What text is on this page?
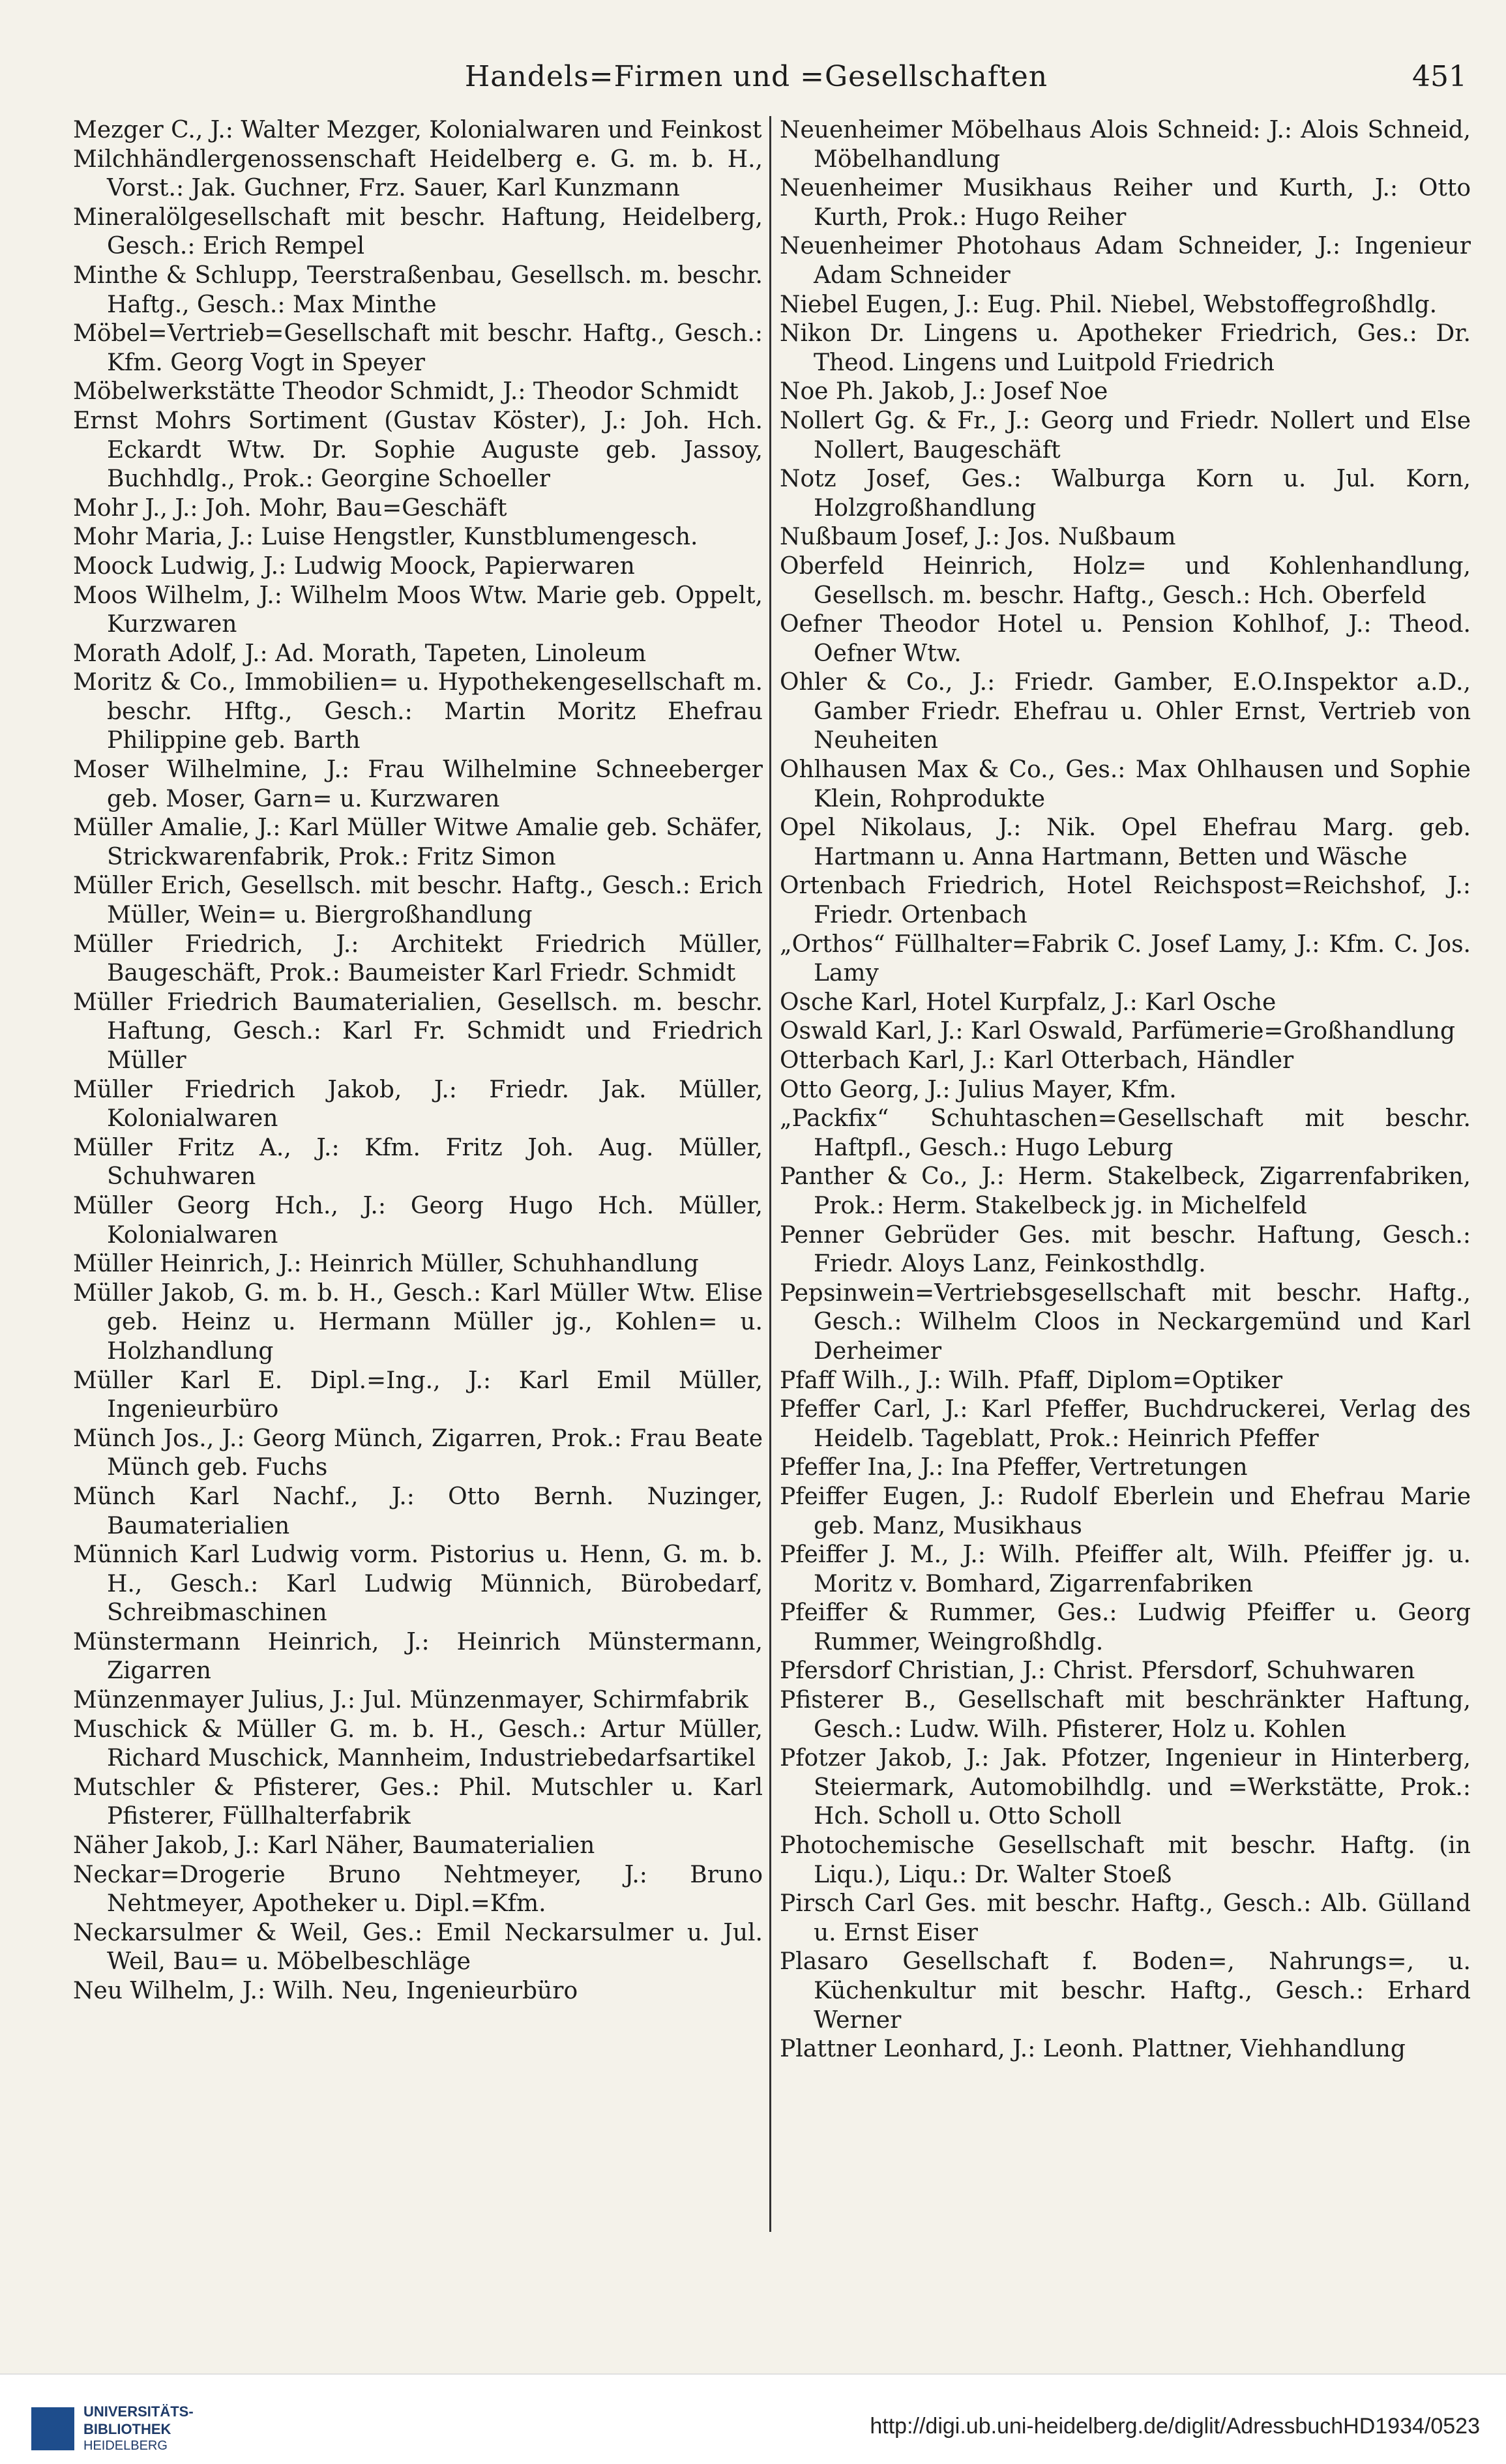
Handels=Firmen und =Gesellschaften	451
Mezger C., J.: Walter Mezger, Kolonialwaren und Feinkost
Milchhändlergenossenschaft Heidelberg e. G. m. b. H., Vorst.: Jak. Guchner, Frz. Sauer, Karl Kunzmann
Mineralölgesellschaft mit beschr. Haftung, Heidelberg, Gesch.: Erich Rempel
Minthe & Schlupp, Teerstraßenbau, Gesellsch. m. beschr. Haftg., Gesch.: Max Minthe
Möbel=Vertrieb=Gesellschaft mit beschr. Haftg., Gesch.: Kfm. Georg Vogt in Speyer
Möbelwerkstätte Theodor Schmidt, J.: Theodor Schmidt
Ernst Mohrs Sortiment (Gustav Köster), J.: Joh. Hch. Eckardt Wtw. Dr. Sophie Auguste geb. Jassoy, Buchhdlg., Prok.: Georgine Schoeller
Mohr J., J.: Joh. Mohr, Bau=Geschäft
Mohr Maria, J.: Luise Hengstler, Kunstblumengesch.
Moock Ludwig, J.: Ludwig Moock, Papierwaren
Moos Wilhelm, J.: Wilhelm Moos Wtw. Marie geb. Oppelt, Kurzwaren
Morath Adolf, J.: Ad. Morath, Tapeten, Linoleum
Moritz & Co., Immobilien= u. Hypothekengesellschaft m. beschr. Hftg., Gesch.: Martin Moritz Ehefrau Philippine geb. Barth
Moser Wilhelmine, J.: Frau Wilhelmine Schneeberger geb. Moser, Garn= u. Kurzwaren
Müller Amalie, J.: Karl Müller Witwe Amalie geb. Schäfer, Strickwarenfabrik, Prok.: Fritz Simon
Müller Erich, Gesellsch. mit beschr. Haftg., Gesch.: Erich Müller, Wein= u. Biergroßhandlung
Müller Friedrich, J.: Architekt Friedrich Müller, Baugeschäft, Prok.: Baumeister Karl Friedr. Schmidt
Müller Friedrich Baumaterialien, Gesellsch. m. beschr. Haftung, Gesch.: Karl Fr. Schmidt und Friedrich Müller
Müller Friedrich Jakob, J.: Friedr. Jak. Müller, Kolonialwaren
Müller Fritz A., J.: Kfm. Fritz Joh. Aug. Müller, Schuhwaren
Müller Georg Hch., J.: Georg Hugo Hch. Müller, Kolonialwaren
Müller Heinrich, J.: Heinrich Müller, Schuhhandlung
Müller Jakob, G. m. b. H., Gesch.: Karl Müller Wtw. Elise geb. Heinz u. Hermann Müller jg., Kohlen= u. Holzhandlung
Müller Karl E. Dipl.=Ing., J.: Karl Emil Müller, Ingenieurbüro
Münch Jos., J.: Georg Münch, Zigarren, Prok.: Frau Beate Münch geb. Fuchs
Münch Karl Nachf., J.: Otto Bernh. Nuzinger, Baumaterialien
Münnich Karl Ludwig vorm. Pistorius u. Henn, G. m. b. H., Gesch.: Karl Ludwig Münnich, Bürobedarf, Schreibmaschinen
Münstermann Heinrich, J.: Heinrich Münstermann, Zigarren
Münzenmayer Julius, J.: Jul. Münzenmayer, Schirmfabrik
Muschick & Müller G. m. b. H., Gesch.: Artur Müller, Richard Muschick, Mannheim, Industriebedarfsartikel
Mutschler & Pfisterer, Ges.: Phil. Mutschler u. Karl Pfisterer, Füllhalterfabrik
Näher Jakob, J.: Karl Näher, Baumaterialien
Neckar=Drogerie Bruno Nehtmeyer, J.: Bruno Nehtmeyer, Apotheker u. Dipl.=Kfm.
Neckarsulmer & Weil, Ges.: Emil Neckarsulmer u. Jul. Weil, Bau= u. Möbelbeschläge
Neu Wilhelm, J.: Wilh. Neu, Ingenieurbüro
Neuenheimer Möbelhaus Alois Schneid: J.: Alois Schneid, Möbelhandlung
Neuenheimer Musikhaus Reiher und Kurth, J.: Otto Kurth, Prok.: Hugo Reiher
Neuenheimer Photohaus Adam Schneider, J.: Ingenieur Adam Schneider
Niebel Eugen, J.: Eug. Phil. Niebel, Webstoffegroßhdlg.
Nikon Dr. Lingens u. Apotheker Friedrich, Ges.: Dr. Theod. Lingens und Luitpold Friedrich
Noe Ph. Jakob, J.: Josef Noe
Nollert Gg. & Fr., J.: Georg und Friedr. Nollert und Else Nollert, Baugeschäft
Notz Josef, Ges.: Walburga Korn u. Jul. Korn, Holzgroßhandlung
Nußbaum Josef, J.: Jos. Nußbaum
Oberfeld Heinrich, Holz= und Kohlenhandlung, Gesellsch. m. beschr. Haftg., Gesch.: Hch. Oberfeld
Oefner Theodor Hotel u. Pension Kohlhof, J.: Theod. Oefner Wtw.
Ohler & Co., J.: Friedr. Gamber, E.O.Inspektor a.D., Gamber Friedr. Ehefrau u. Ohler Ernst, Vertrieb von Neuheiten
Ohlhausen Max & Co., Ges.: Max Ohlhausen und Sophie Klein, Rohprodukte
Opel Nikolaus, J.: Nik. Opel Ehefrau Marg. geb. Hartmann u. Anna Hartmann, Betten und Wäsche
Ortenbach Friedrich, Hotel Reichspost=Reichshof, J.: Friedr. Ortenbach
„Orthos“ Füllhalter=Fabrik C. Josef Lamy, J.: Kfm. C. Jos. Lamy
Osche Karl, Hotel Kurpfalz, J.: Karl Osche
Oswald Karl, J.: Karl Oswald, Parfümerie=Großhandlung
Otterbach Karl, J.: Karl Otterbach, Händler
Otto Georg, J.: Julius Mayer, Kfm.
„Packfix“ Schuhtaschen=Gesellschaft mit beschr. Haftpfl., Gesch.: Hugo Leburg
Panther & Co., J.: Herm. Stakelbeck, Zigarrenfabriken, Prok.: Herm. Stakelbeck jg. in Michelfeld
Penner Gebrüder Ges. mit beschr. Haftung, Gesch.: Friedr. Aloys Lanz, Feinkosthdlg.
Pepsinwein=Vertriebsgesellschaft mit beschr. Haftg., Gesch.: Wilhelm Cloos in Neckargemünd und Karl Derheimer
Pfaff Wilh., J.: Wilh. Pfaff, Diplom=Optiker
Pfeffer Carl, J.: Karl Pfeffer, Buchdruckerei, Verlag des Heidelb. Tageblatt, Prok.: Heinrich Pfeffer
Pfeffer Ina, J.: Ina Pfeffer, Vertretungen
Pfeiffer Eugen, J.: Rudolf Eberlein und Ehefrau Marie geb. Manz, Musikhaus
Pfeiffer J. M., J.: Wilh. Pfeiffer alt, Wilh. Pfeiffer jg. u. Moritz v. Bomhard, Zigarrenfabriken
Pfeiffer & Rummer, Ges.: Ludwig Pfeiffer u. Georg Rummer, Weingroßhdlg.
Pfersdorf Christian, J.: Christ. Pfersdorf, Schuhwaren
Pfisterer B., Gesellschaft mit beschränkter Haftung, Gesch.: Ludw. Wilh. Pfisterer, Holz u. Kohlen
Pfotzer Jakob, J.: Jak. Pfotzer, Ingenieur in Hinterberg, Steiermark, Automobilhdlg. und =Werkstätte, Prok.: Hch. Scholl u. Otto Scholl
Photochemische Gesellschaft mit beschr. Haftg. (in Liqu.), Liqu.: Dr. Walter Stoeß
Pirsch Carl Ges. mit beschr. Haftg., Gesch.: Alb. Gülland u. Ernst Eiser
Plasaro Gesellschaft f. Boden=, Nahrungs=, u. Küchenkultur mit beschr. Haftg., Gesch.: Erhard Werner
Plattner Leonhard, J.: Leonh. Plattner, Viehhandlung
UNIVERSITÄTS-
BIBLIOTHEK
HEIDELBERG
http://digi.ub.uni-heidelberg.de/diglit/AdressbuchHD1934/0523
